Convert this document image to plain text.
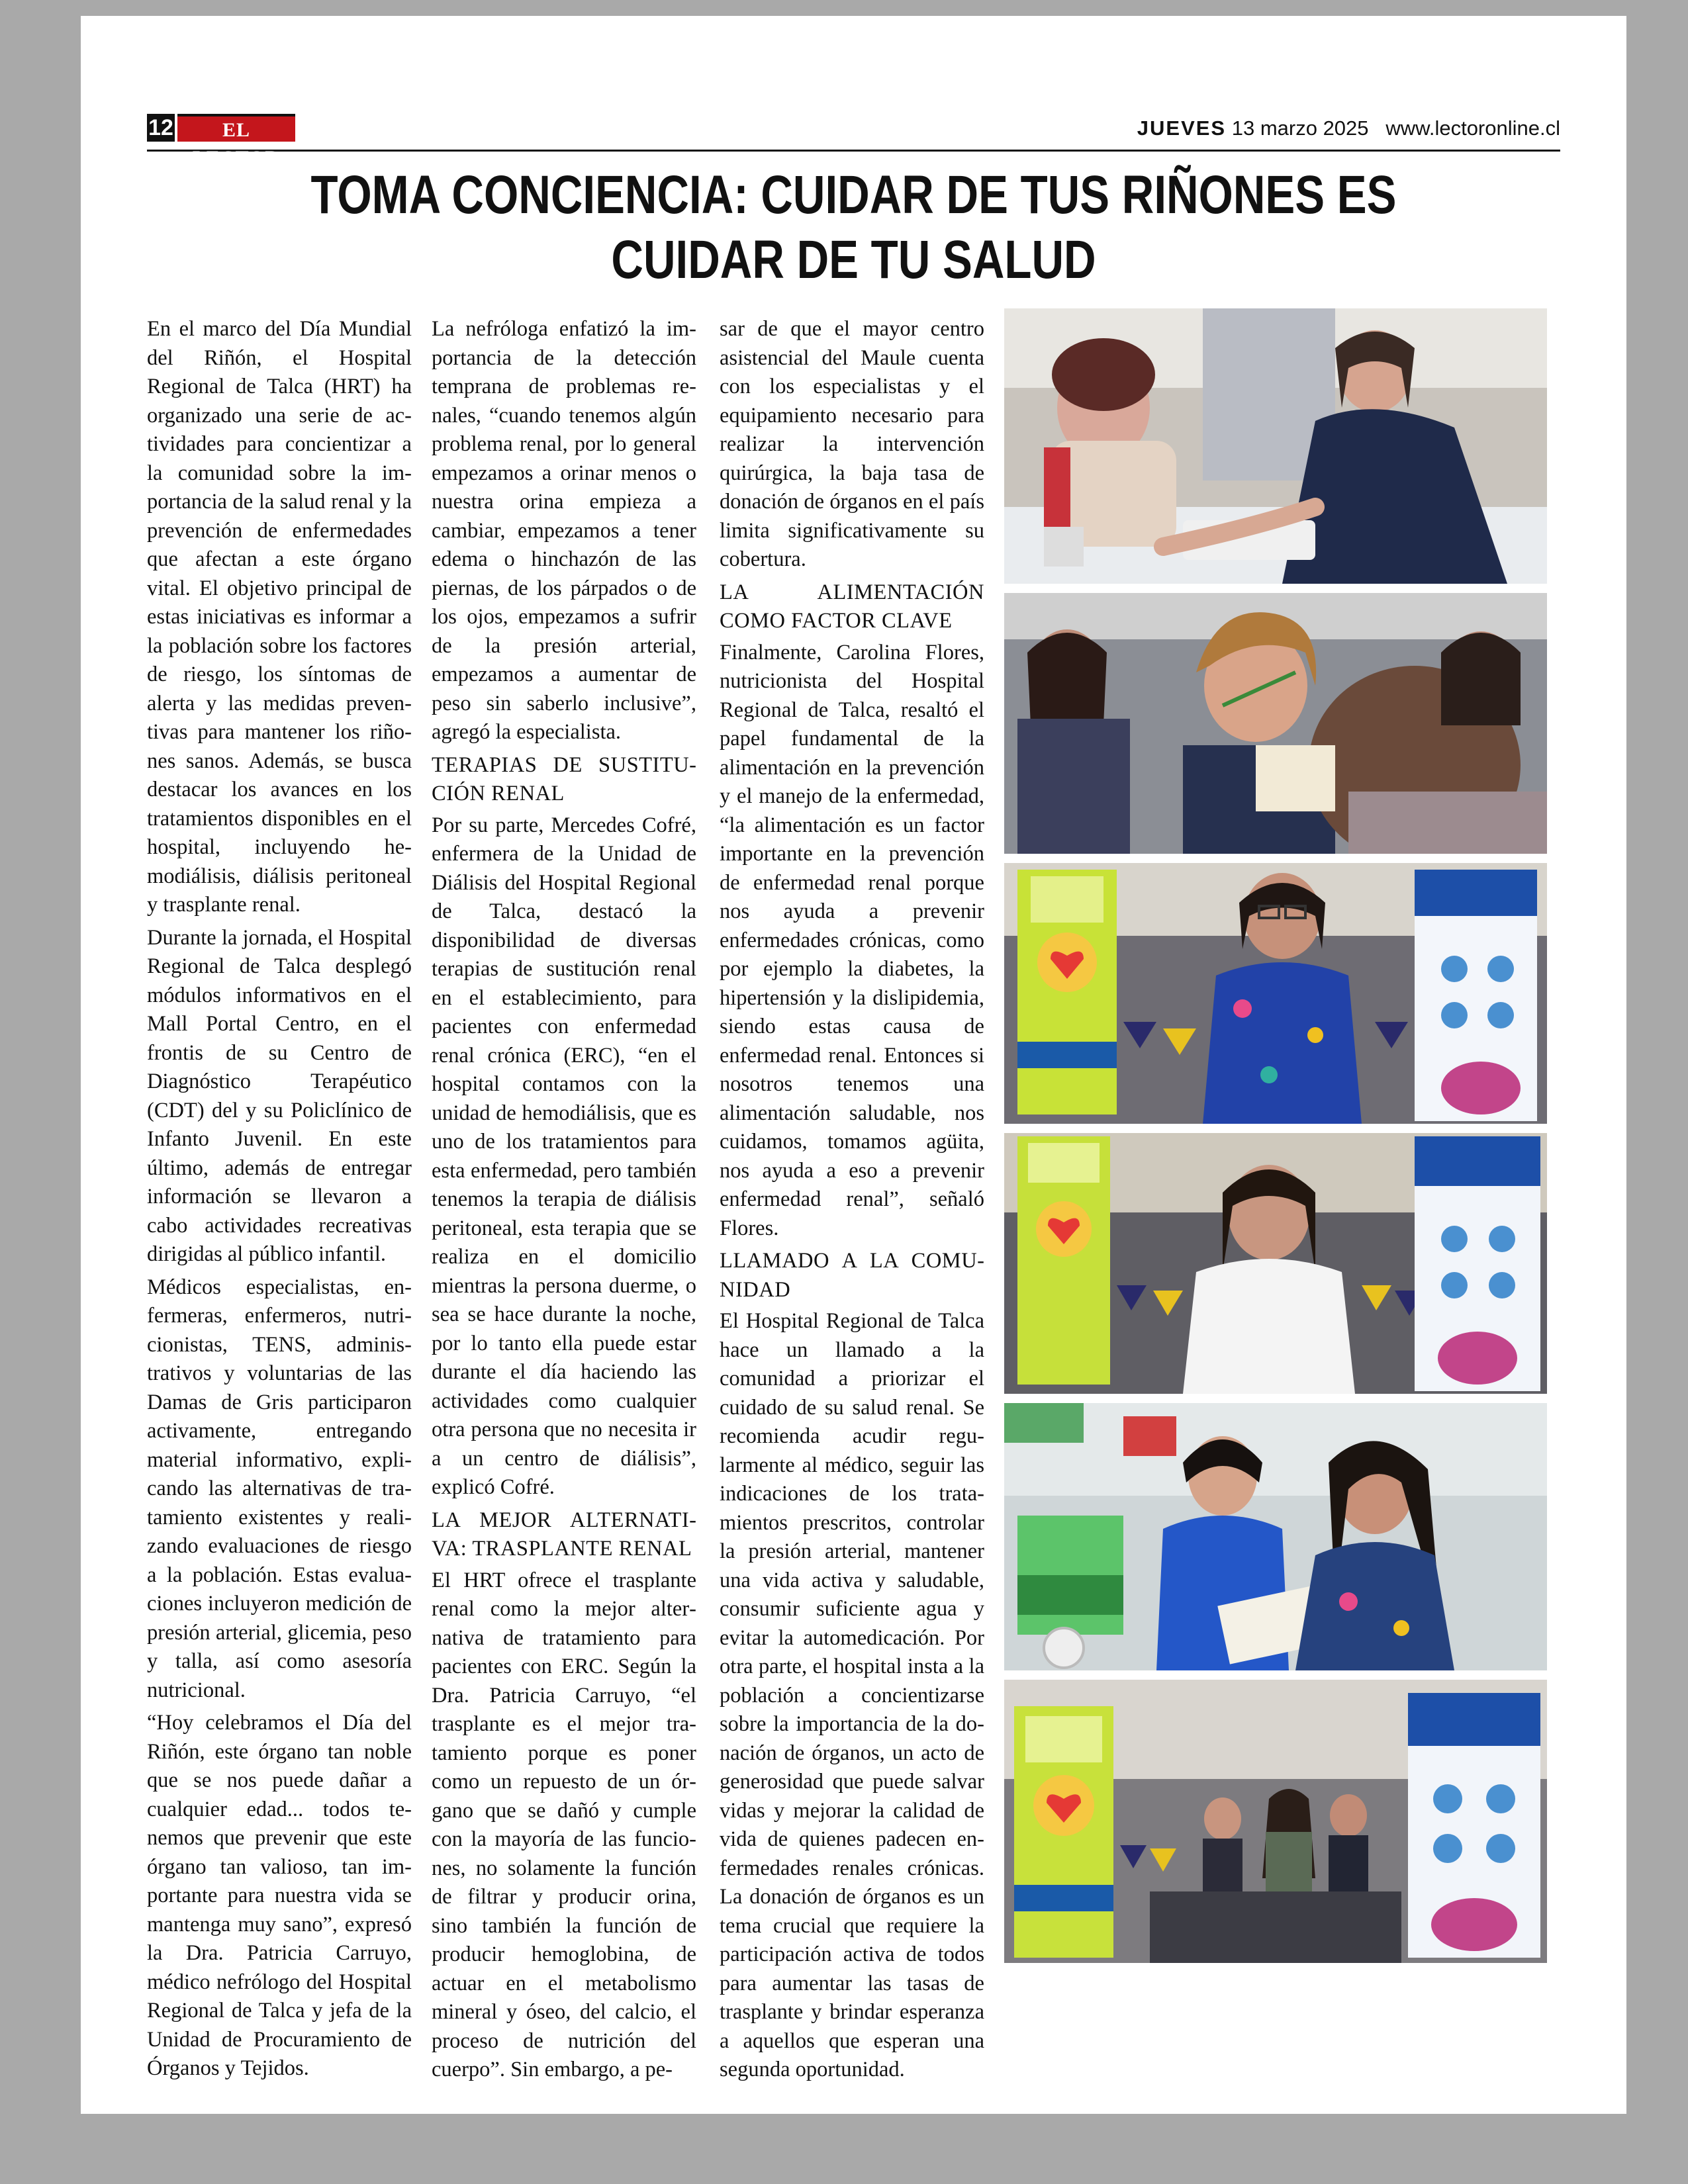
12	EL LECTOR
JUEVES 13 marzo 2025 www.lectoronline.cl
TOMA CONCIENCIA: CUIDAR DE TUS RIÑONES ES
CUIDAR DE TU SALUD

En el marco del Día Mundial del Riñón, el Hospital Regional de Talca (HRT) ha organizado una serie de actividades para concientizar a la comunidad sobre la importancia de la salud renal y la prevención de enfermedades que afectan a este órgano vital. El objetivo principal de estas iniciativas es informar a la población sobre los factores de riesgo, los síntomas de alerta y las medidas preventivas para mantener los riñones sanos. Además, se busca destacar los avances en los tratamientos disponibles en el hospital, incluyendo hemodiálisis, diálisis peritoneal y trasplante renal.

Durante la jornada, el Hospital Regional de Talca desplegó módulos informativos en el Mall Portal Centro, en el frontis de su Centro de Diagnóstico Terapéutico (CDT) del y su Policlínico de Infanto Juvenil. En este último, además de entregar información se llevaron a cabo actividades recreativas dirigidas al público infantil.

Médicos especialistas, enfermeras, enfermeros, nutricionistas, TENS, administrativos y voluntarias de las Damas de Gris participaron activamente, entregando material informativo, explicando las alternativas de tratamiento existentes y realizando evaluaciones de riesgo a la población. Estas evaluaciones incluyeron medición de presión arterial, glicemia, peso y talla, así como asesoría nutricional.

“Hoy celebramos el Día del Riñón, este órgano tan noble que se nos puede dañar a cualquier edad... todos tenemos que prevenir que este órgano tan valioso, tan importante para nuestra vida se mantenga muy sano”, expresó la Dra. Patricia Carruyo, médico nefrólogo del Hospital Regional de Talca y jefa de la Unidad de Procuramiento de Órganos y Tejidos.

La nefróloga enfatizó la importancia de la detección temprana de problemas renales, “cuando tenemos algún problema renal, por lo general empezamos a orinar menos o nuestra orina empieza a cambiar, empezamos a tener edema o hinchazón de las piernas, de los párpados o de los ojos, empezamos a sufrir de la presión arterial, empezamos a aumentar de peso sin saberlo inclusive”, agregó la especialista.

TERAPIAS DE SUSTITUCIÓN RENAL

Por su parte, Mercedes Cofré, enfermera de la Unidad de Diálisis del Hospital Regional de Talca, destacó la disponibilidad de diversas terapias de sustitución renal en el establecimiento, para pacientes con enfermedad renal crónica (ERC), “en el hospital contamos con la unidad de hemodiálisis, que es uno de los tratamientos para esta enfermedad, pero también tenemos la terapia de diálisis peritoneal, esta terapia que se realiza en el domicilio mientras la persona duerme, o sea se hace durante la noche, por lo tanto ella puede estar durante el día haciendo las actividades como cualquier otra persona que no necesita ir a un centro de diálisis”, explicó Cofré.

LA MEJOR ALTERNATIVA: TRASPLANTE RENAL

El HRT ofrece el trasplante renal como la mejor alternativa de tratamiento para pacientes con ERC. Según la Dra. Patricia Carruyo, “el trasplante es el mejor tratamiento porque es poner como un repuesto de un órgano que se dañó y cumple con la mayoría de las funciones, no solamente la función de filtrar y producir orina, sino también la función de producir hemoglobina, de actuar en el metabolismo mineral y óseo, del calcio, el proceso de nutrición del cuerpo”. Sin embargo, a pe-

sar de que el mayor centro asistencial del Maule cuenta con los especialistas y el equipamiento necesario para realizar la intervención quirúrgica, la baja tasa de donación de órganos en el país limita significativamente su cobertura.

LA ALIMENTACIÓN COMO FACTOR CLAVE

Finalmente, Carolina Flores, nutricionista del Hospital Regional de Talca, resaltó el papel fundamental de la alimentación en la prevención y el manejo de la enfermedad, “la alimentación es un factor importante en la prevención de enfermedad renal porque nos ayuda a prevenir enfermedades crónicas, como por ejemplo la diabetes, la hipertensión y la dislipidemia, siendo estas causa de enfermedad renal. Entonces si nosotros tenemos una alimentación saludable, nos cuidamos, tomamos agüita, nos ayuda a eso a prevenir enfermedad renal”, señaló Flores.

LLAMADO A LA COMUNIDAD

El Hospital Regional de Talca hace un llamado a la comunidad a priorizar el cuidado de su salud renal. Se recomienda acudir regularmente al médico, seguir las indicaciones de los tratamientos prescritos, controlar la presión arterial, mantener una vida activa y saludable, consumir suficiente agua y evitar la automedicación. Por otra parte, el hospital insta a la población a concientizarse sobre la importancia de la donación de órganos, un acto de generosidad que puede salvar vidas y mejorar la calidad de vida de quienes padecen enfermedades renales crónicas. La donación de órganos es un tema crucial que requiere la participación activa de todos para aumentar las tasas de trasplante y brindar esperanza a aquellos que esperan una segunda oportunidad.
